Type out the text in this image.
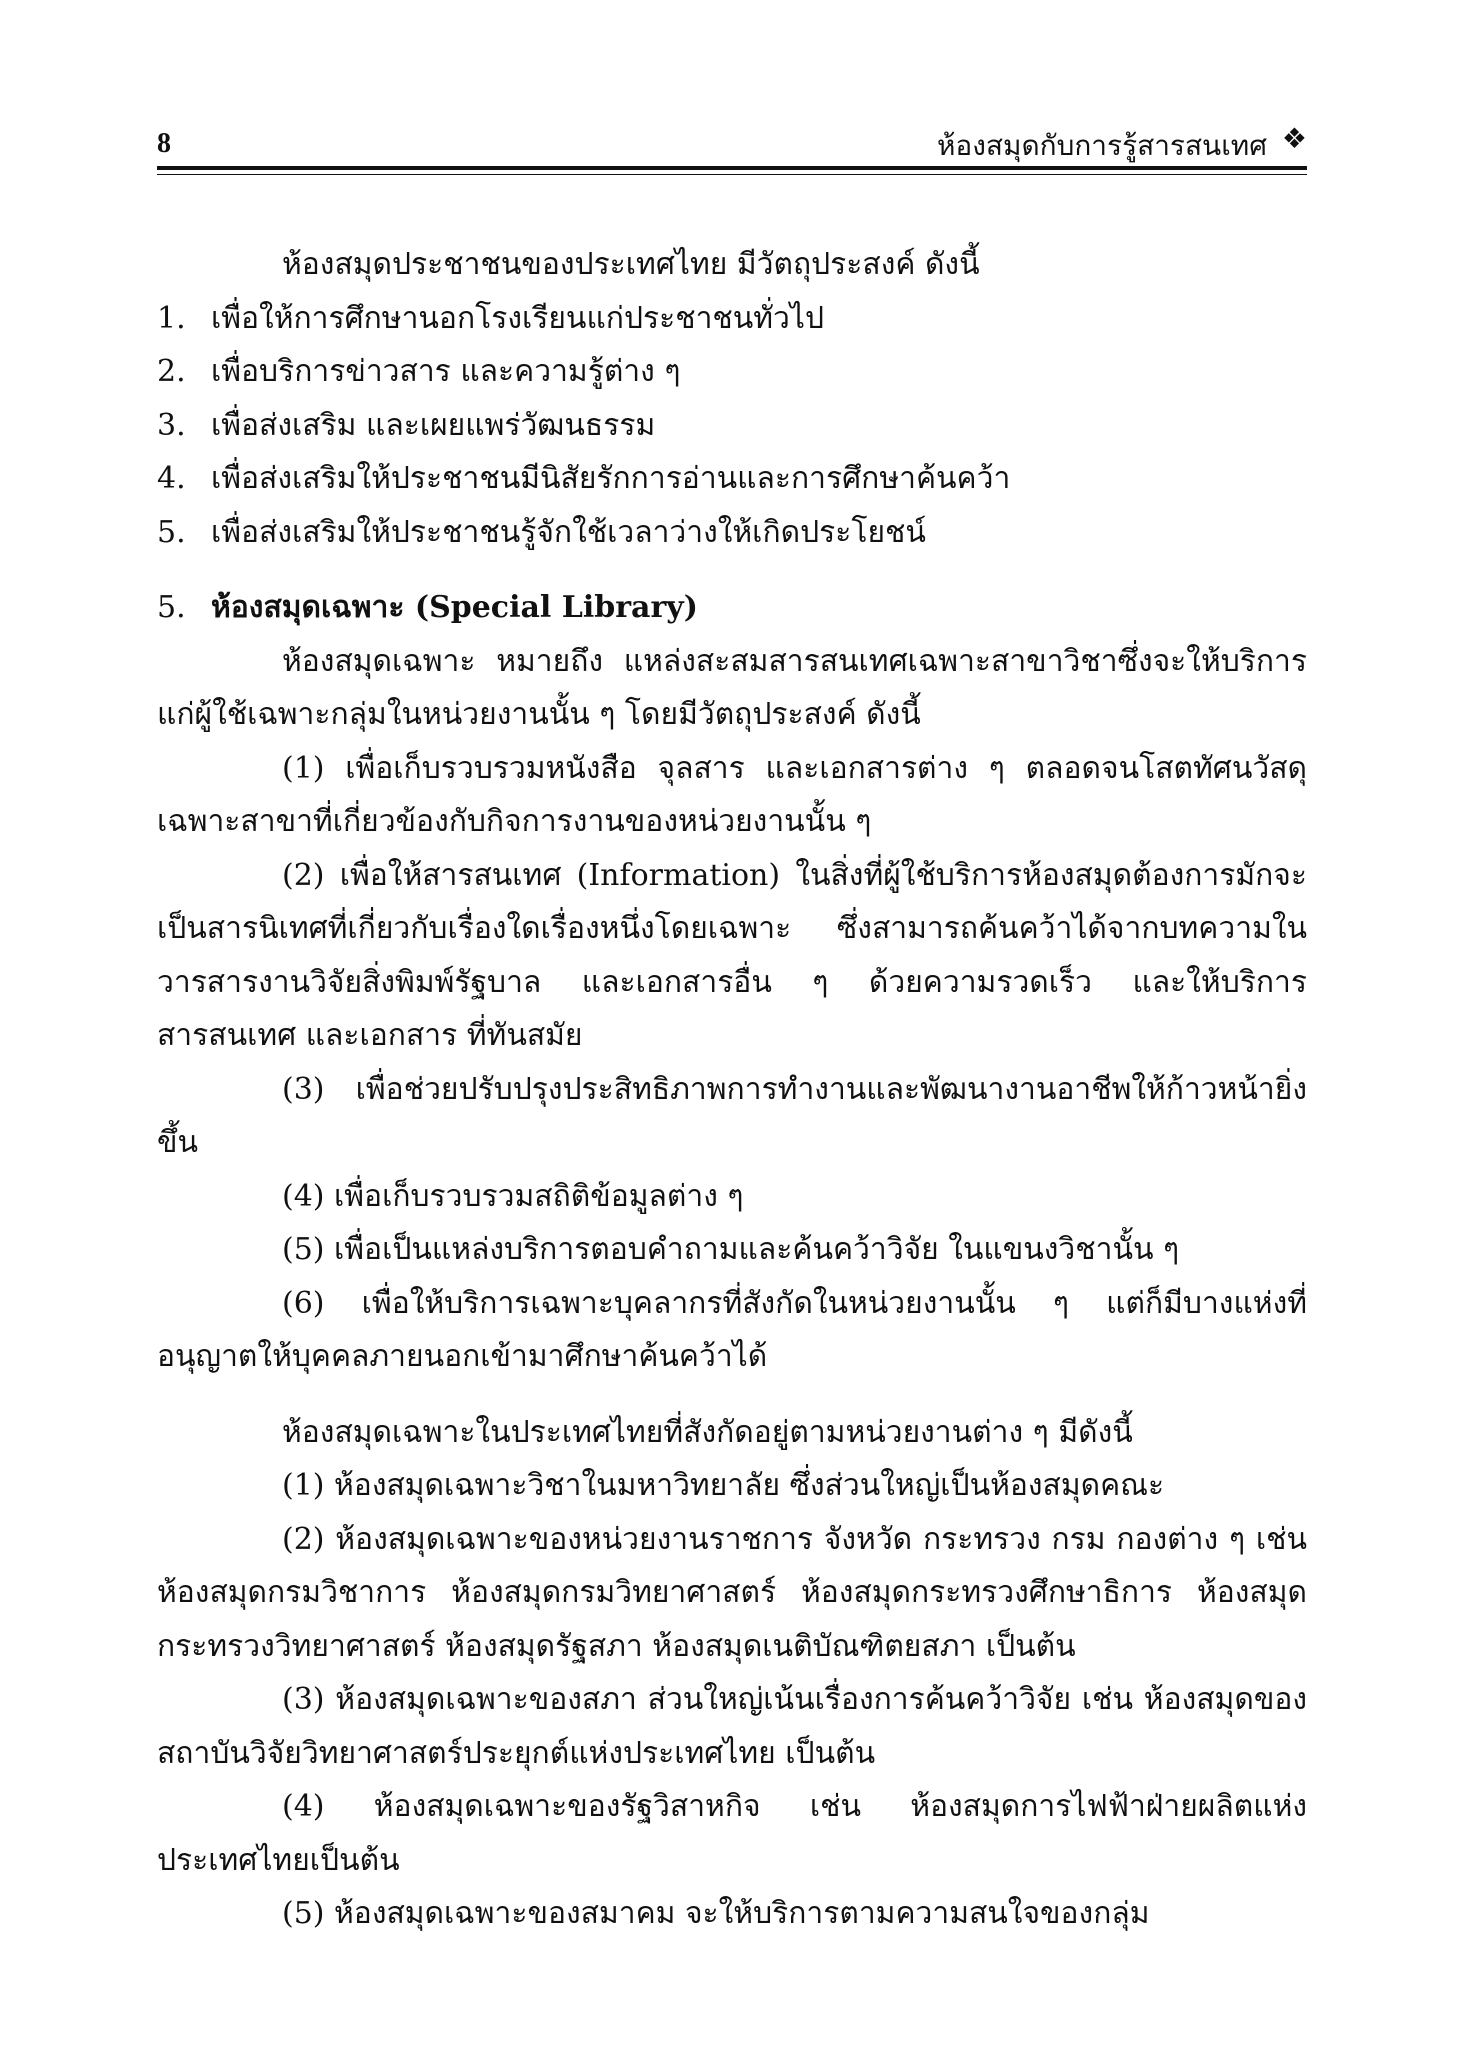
8	ห้องสมุดกับการรู้สารสนเทศ ❖

ห้องสมุดประชาชนของประเทศไทย มีวัตถุประสงค์ ดังนี้

1. เพื่อให้การศึกษานอกโรงเรียนแก่ประชาชนทั่วไป

2. เพื่อบริการข่าวสาร และความรู้ต่าง ๆ

3. เพื่อส่งเสริม และเผยแพร่วัฒนธรรม

4. เพื่อส่งเสริมให้ประชาชนมีนิสัยรักการอ่านและการศึกษาค้นคว้า

5. เพื่อส่งเสริมให้ประชาชนรู้จักใช้เวลาว่างให้เกิดประโยชน์

5. ห้องสมุดเฉพาะ (Special Library)

ห้องสมุดเฉพาะ หมายถึง แหล่งสะสมสารสนเทศเฉพาะสาขาวิชาซึ่งจะให้บริการแก่ผู้ใช้เฉพาะกลุ่มในหน่วยงานนั้น ๆ โดยมีวัตถุประสงค์ ดังนี้

(1) เพื่อเก็บรวบรวมหนังสือ จุลสาร และเอกสารต่าง ๆ ตลอดจนโสตทัศนวัสดุเฉพาะสาขาที่เกี่ยวข้องกับกิจการงานของหน่วยงานนั้น ๆ

(2) เพื่อให้สารสนเทศ (Information) ในสิ่งที่ผู้ใช้บริการห้องสมุดต้องการมักจะเป็นสารนิเทศที่เกี่ยวกับเรื่องใดเรื่องหนึ่งโดยเฉพาะ ซึ่งสามารถค้นคว้าได้จากบทความในวารสารงานวิจัยสิ่งพิมพ์รัฐบาล และเอกสารอื่น ๆ ด้วยความรวดเร็ว และให้บริการสารสนเทศ และเอกสาร ที่ทันสมัย

(3) เพื่อช่วยปรับปรุงประสิทธิภาพการทำงานและพัฒนางานอาชีพให้ก้าวหน้ายิ่งขึ้น

(4) เพื่อเก็บรวบรวมสถิติข้อมูลต่าง ๆ

(5) เพื่อเป็นแหล่งบริการตอบคำถามและค้นคว้าวิจัย ในแขนงวิชานั้น ๆ

(6) เพื่อให้บริการเฉพาะบุคลากรที่สังกัดในหน่วยงานนั้น ๆ แต่ก็มีบางแห่งที่อนุญาตให้บุคคลภายนอกเข้ามาศึกษาค้นคว้าได้

ห้องสมุดเฉพาะในประเทศไทยที่สังกัดอยู่ตามหน่วยงานต่าง ๆ มีดังนี้

(1) ห้องสมุดเฉพาะวิชาในมหาวิทยาลัย ซึ่งส่วนใหญ่เป็นห้องสมุดคณะ

(2) ห้องสมุดเฉพาะของหน่วยงานราชการ จังหวัด กระทรวง กรม กองต่าง ๆ เช่น ห้องสมุดกรมวิชาการ ห้องสมุดกรมวิทยาศาสตร์ ห้องสมุดกระทรวงศึกษาธิการ ห้องสมุดกระทรวงวิทยาศาสตร์ ห้องสมุดรัฐสภา ห้องสมุดเนติบัณฑิตยสภา เป็นต้น

(3) ห้องสมุดเฉพาะของสภา ส่วนใหญ่เน้นเรื่องการค้นคว้าวิจัย เช่น ห้องสมุดของสถาบันวิจัยวิทยาศาสตร์ประยุกต์แห่งประเทศไทย เป็นต้น

(4) ห้องสมุดเฉพาะของรัฐวิสาหกิจ เช่น ห้องสมุดการไฟฟ้าฝ่ายผลิตแห่งประเทศไทยเป็นต้น

(5) ห้องสมุดเฉพาะของสมาคม จะให้บริการตามความสนใจของกลุ่ม
